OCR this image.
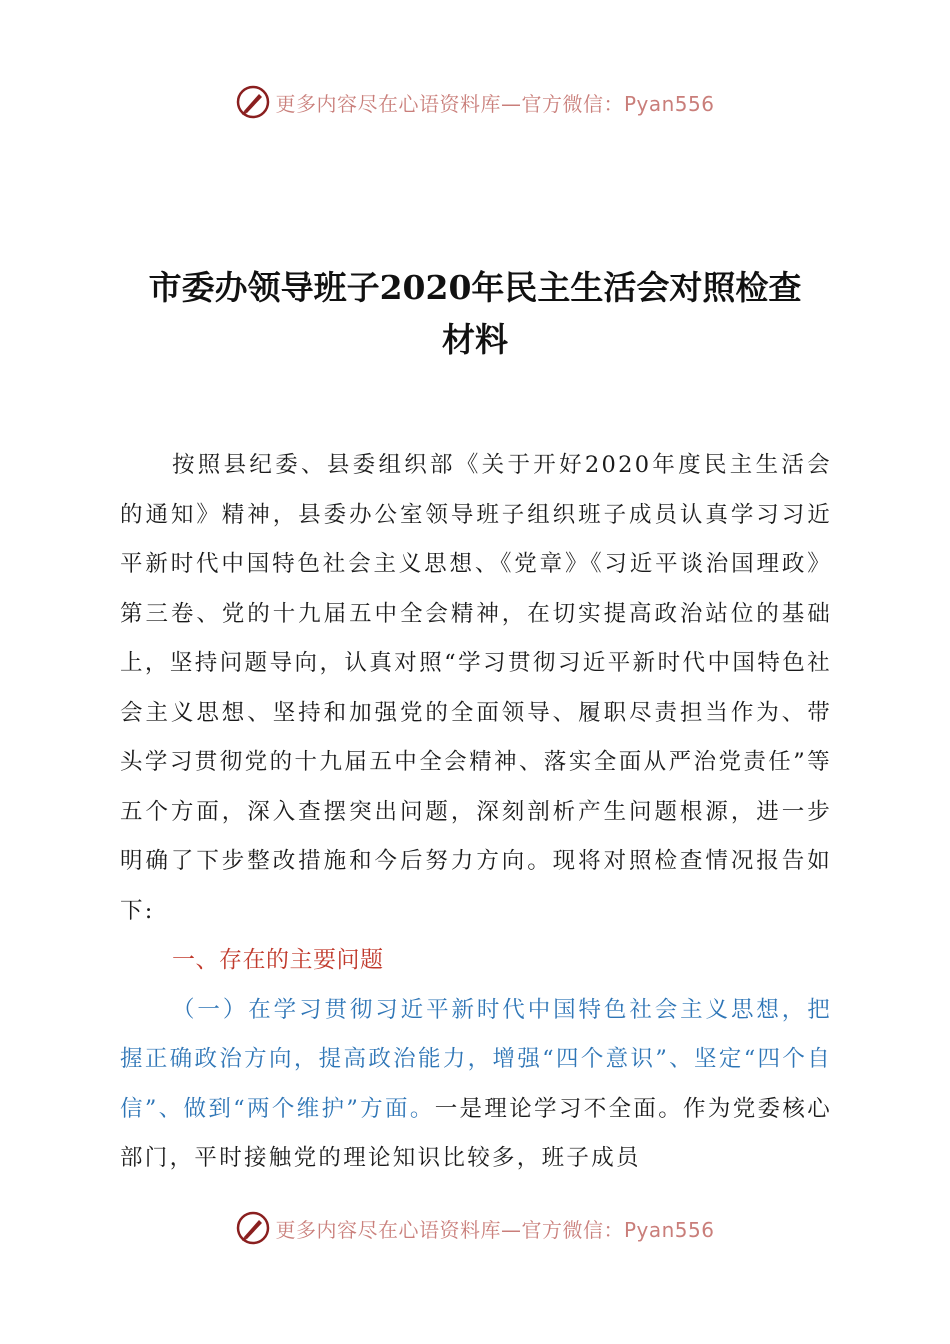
更多内容尽在心语资料库—官方微信：Pyan556
市委办领导班子2020年民主生活会对照检查
材料

按照县纪委、县委组织部《关于开好2020年度民主生活会的通知》精神，县委办公室领导班子组织班子成员认真学习习近平新时代中国特色社会主义思想、《党章》《习近平谈治国理政》第三卷、党的十九届五中全会精神，在切实提高政治站位的基础上，坚持问题导向，认真对照“学习贯彻习近平新时代中国特色社会主义思想、坚持和加强党的全面领导、履职尽责担当作为、带头学习贯彻党的十九届五中全会精神、落实全面从严治党责任”等五个方面，深入查摆突出问题，深刻剖析产生问题根源，进一步明确了下步整改措施和今后努力方向。现将对照检查情况报告如下:

一、存在的主要问题

（一）在学习贯彻习近平新时代中国特色社会主义思想，把握正确政治方向，提高政治能力，增强“四个意识”、坚定“四个自信”、做到“两个维护”方面。一是理论学习不全面。作为党委核心部门，平时接触党的理论知识比较多，班子成员

更多内容尽在心语资料库—官方微信：Pyan556
